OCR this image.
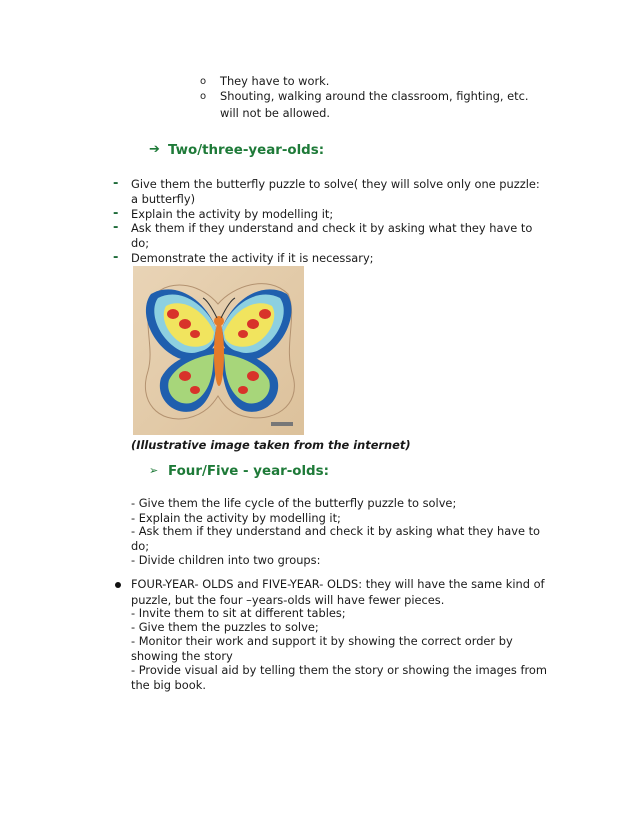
o They have to work.
o Shouting, walking around the classroom, fighting, etc.
will not be allowed.
➔ Two/three-year-olds:
- Give them the butterfly puzzle to solve( they will solve only one puzzle:
a butterfly)
- Explain the activity by modelling it;
- Ask them if they understand and check it by asking what they have to
do;
- Demonstrate the activity if it is necessary;
(Illustrative image taken from the internet)
➢ Four/Five - year-olds:
- Give them the life cycle of the butterfly puzzle to solve;
- Explain the activity by modelling it;
- Ask them if they understand and check it by asking what they have to
do;
- Divide children into two groups:
FOUR-YEAR- OLDS and FIVE-YEAR- OLDS: they will have the same kind of
puzzle, but the four –years-olds will have fewer pieces.
- Invite them to sit at different tables;
- Give them the puzzles to solve;
- Monitor their work and support it by showing the correct order by
showing the story
- Provide visual aid by telling them the story or showing the images from
the big book.
